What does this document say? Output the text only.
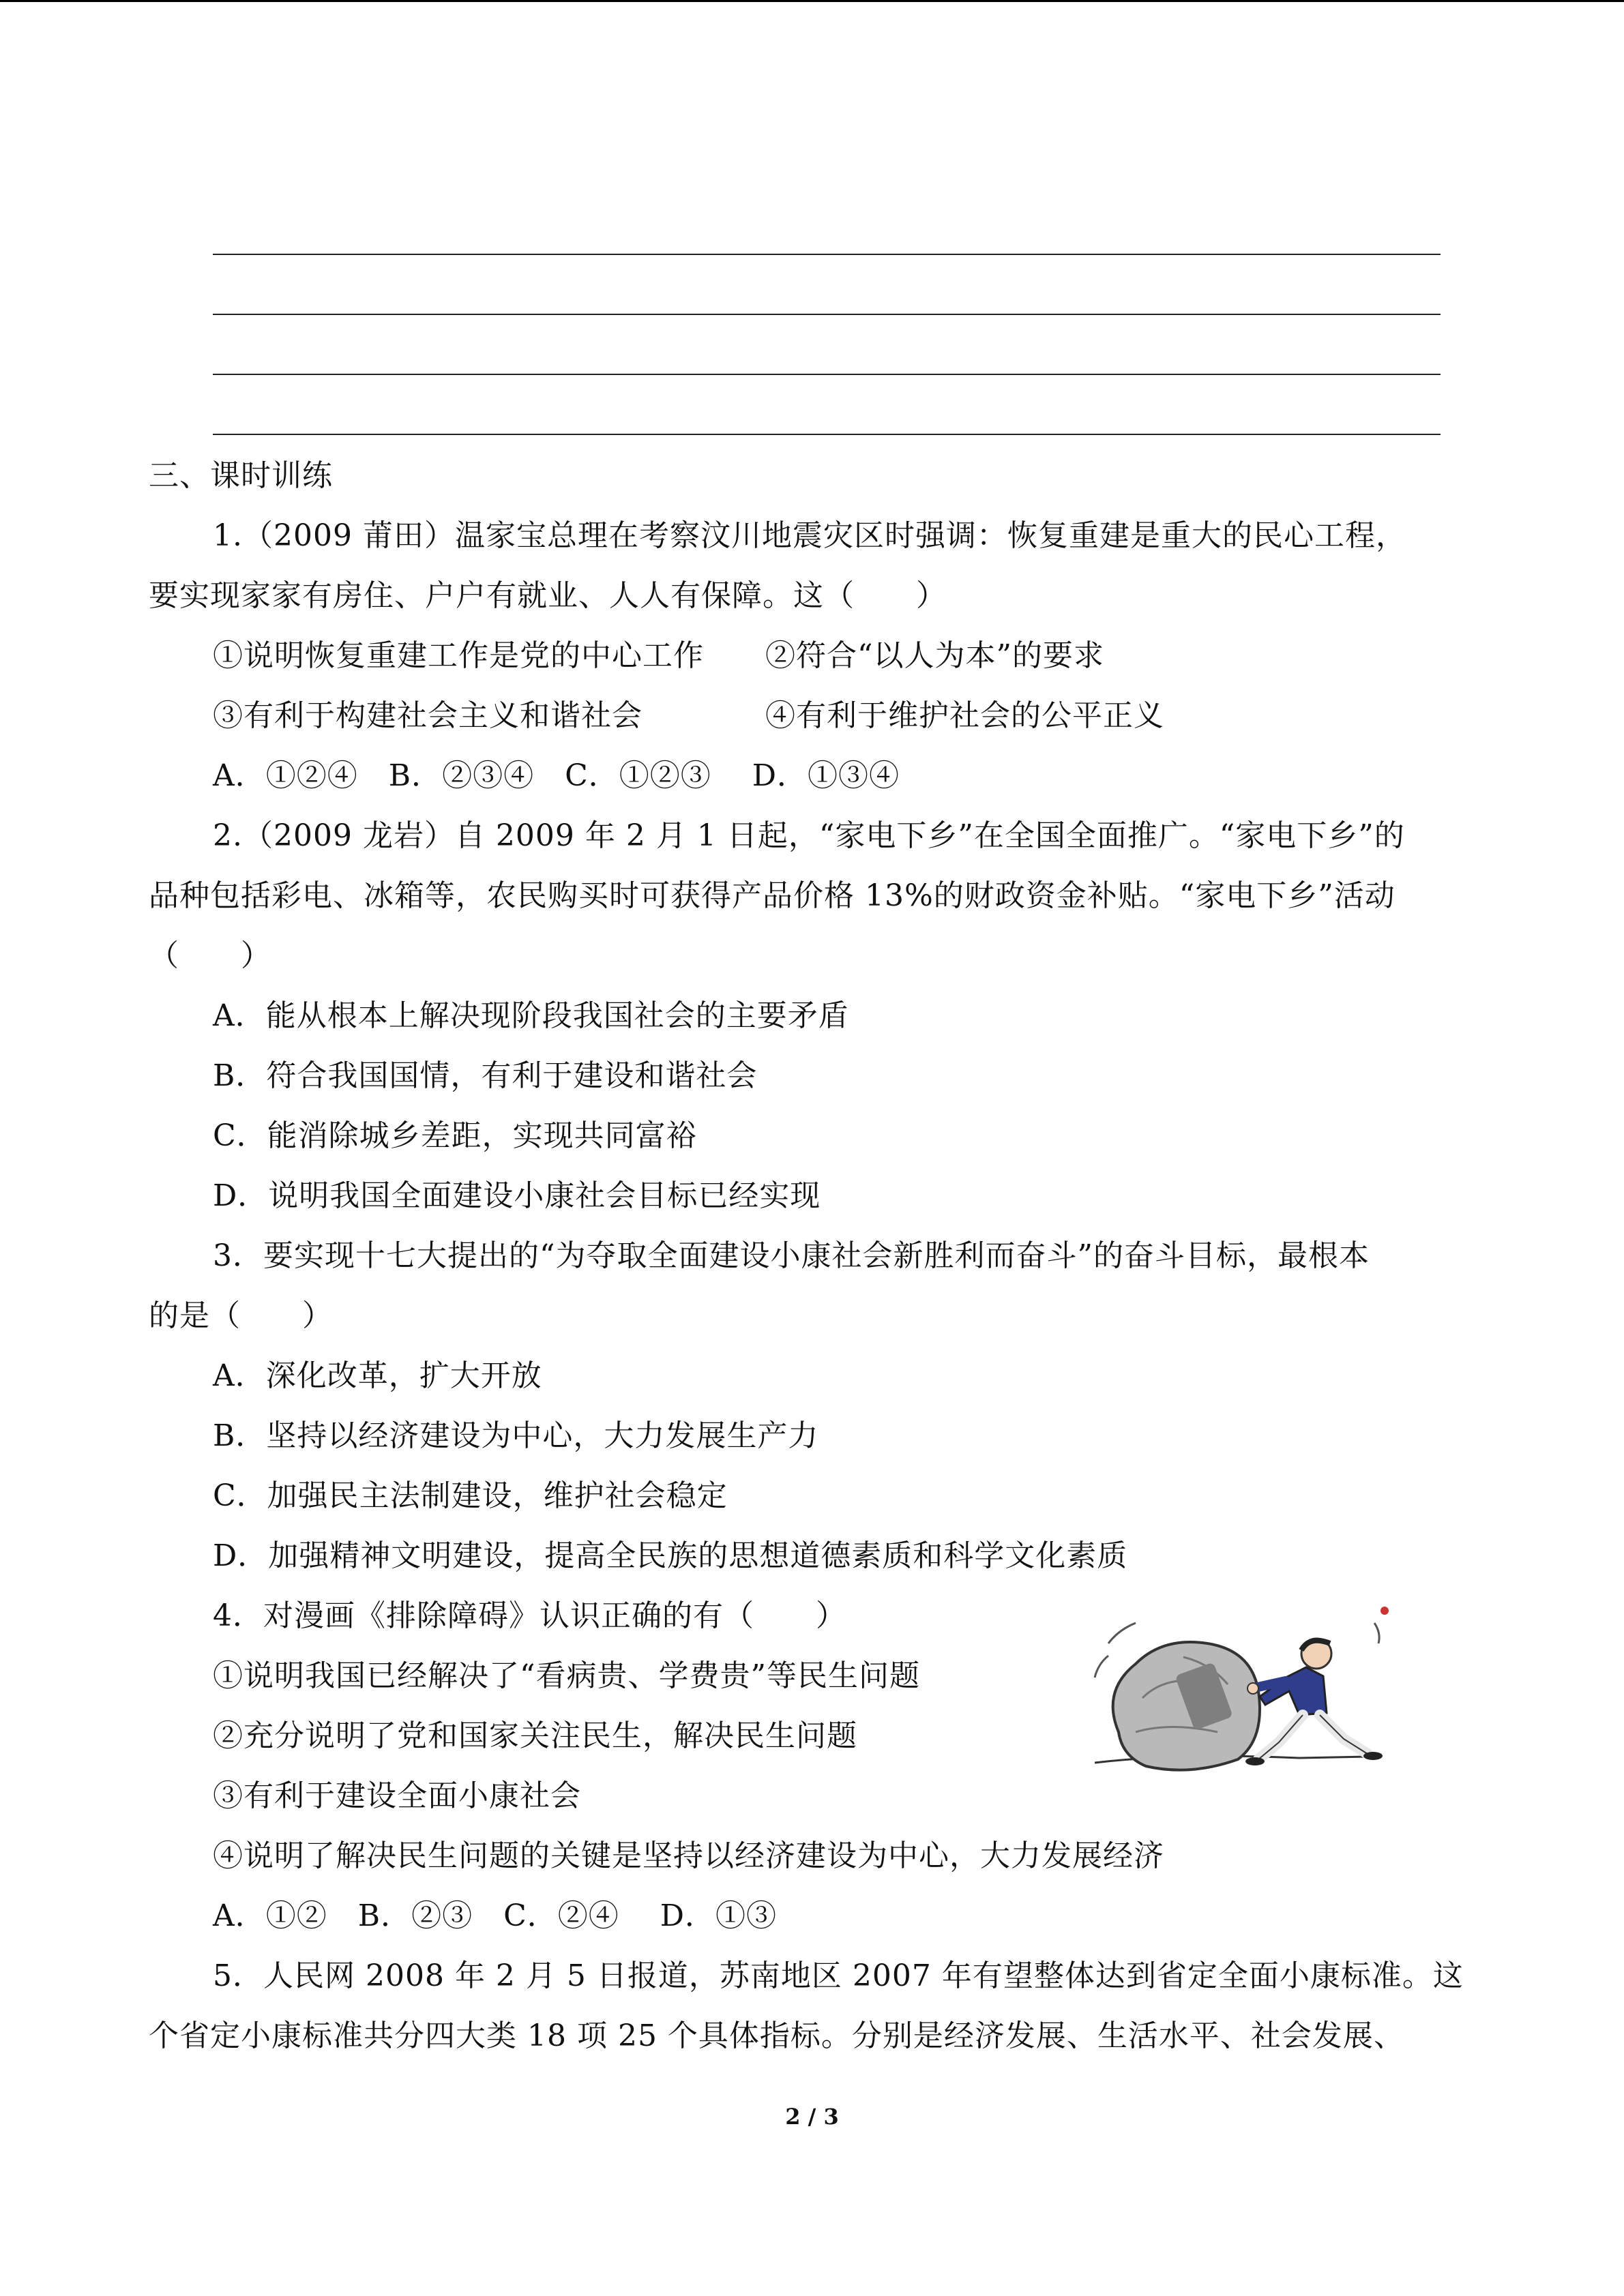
三、课时训练
1.（2009 莆田）温家宝总理在考察汶川地震灾区时强调：恢复重建是重大的民心工程，
要实现家家有房住、户户有就业、人人有保障。这（　　）
①说明恢复重建工作是党的中心工作　　②符合“以人为本”的要求
③有利于构建社会主义和谐社会　　　　④有利于维护社会的公平正义
A．①②④　B．②③④　C．①②③　 D．①③④
2.（2009 龙岩）自 2009 年 2 月 1 日起，“家电下乡”在全国全面推广。“家电下乡”的
品种包括彩电、冰箱等，农民购买时可获得产品价格 13%的财政资金补贴。“家电下乡”活动
（　　）
A．能从根本上解决现阶段我国社会的主要矛盾
B．符合我国国情，有利于建设和谐社会
C．能消除城乡差距，实现共同富裕
D．说明我国全面建设小康社会目标已经实现
3．要实现十七大提出的“为夺取全面建设小康社会新胜利而奋斗”的奋斗目标，最根本
的是（　　）
A．深化改革，扩大开放
B．坚持以经济建设为中心，大力发展生产力
C．加强民主法制建设，维护社会稳定
D．加强精神文明建设，提高全民族的思想道德素质和科学文化素质
4．对漫画《排除障碍》认识正确的有（　　）
①说明我国已经解决了“看病贵、学费贵”等民生问题
②充分说明了党和国家关注民生，解决民生问题
③有利于建设全面小康社会
④说明了解决民生问题的关键是坚持以经济建设为中心，大力发展经济
A．①②　B．②③　C．②④　 D．①③
5．人民网 2008 年 2 月 5 日报道，苏南地区 2007 年有望整体达到省定全面小康标准。这
个省定小康标准共分四大类 18 项 25 个具体指标。分别是经济发展、生活水平、社会发展、
2 / 3
